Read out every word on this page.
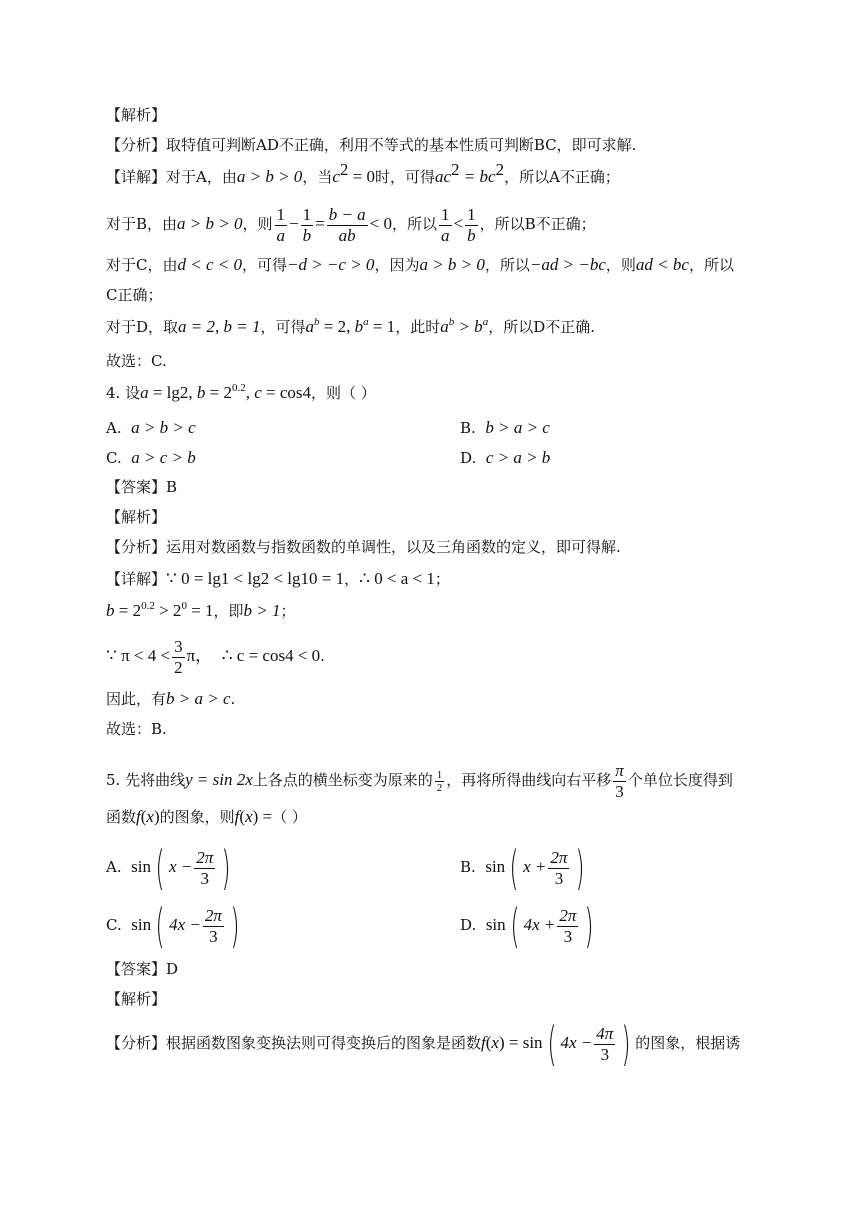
【解析】
【分析】取特值可判断AD不正确，利用不等式的基本性质可判断BC，即可求解.
【详解】对于A，由a > b > 0，当$c^2 = 0$时，可得$ac^2 = bc^2$，所以A不正确；
对于B，由a > b > 0，则 $\frac{1}{a} - \frac{1}{b} = \frac{b - a}{ab} < 0$，所以 $\frac{1}{a} < \frac{1}{b}$ ，所以B不正确；
对于C，由d < c < 0，可得−d > −c > 0，因为a > b > 0，所以−ad > −bc，则ad < bc，所以
C正确；
对于D，取a = 2, b = 1，可得$a^b = 2$, $b^a = 1$，此时$a^b > b^a$，所以D不正确.
故选：C.
4. 设a = lg2, $b = 2^{0.2}$, c = cos4，则（ ）
A. a > b > c	B. b > a > c
C. a > c > b	D. c > a > b
【答案】B
【解析】
【分析】运用对数函数与指数函数的单调性，以及三角函数的定义，即可得解.
【详解】∵ 0 = lg1 < lg2 < lg10 = 1，∴ 0 < a < 1；
$b = 2^{0.2} > 2^0 = 1$，即b > 1；
∵ $\pi < 4 < \frac{3}{2}$ π， ∴ c = cos4 < 0.
因此，有b > a > c.
故选：B.
5. 先将曲线y = sin 2x上各点的横坐标变为原来的 $\frac{1}{2}$ ，再将所得曲线向右平移 $\frac{\pi}{3}$ 个单位长度得到
函数f(x)的图象，则f(x) =（ ）
A. sin( $x - \frac{2\pi}{3}$ )	B. sin( $x + \frac{2\pi}{3}$ )
C. sin( $4x - \frac{2\pi}{3}$ )	D. sin( $4x + \frac{2\pi}{3}$ )
【答案】D
【解析】
【分析】根据函数图象变换法则可得变换后的图象是函数f(x) = sin( $4x - \frac{4\pi}{3}$ ) 的图象，根据诱
